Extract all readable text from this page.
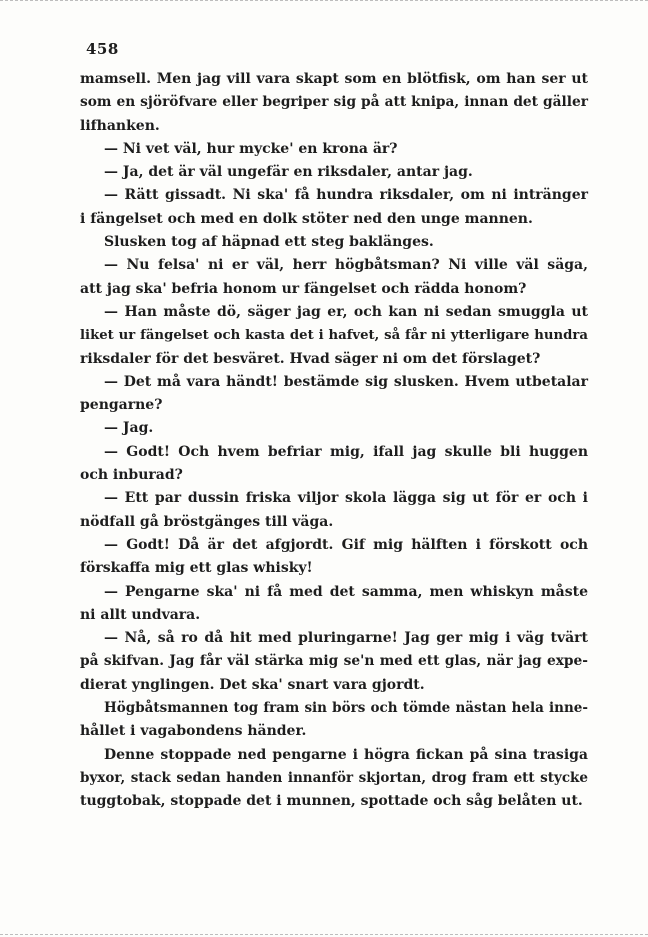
458
mamsell. Men jag vill vara skapt som en blötfisk, om han ser ut
som en sjöröfvare eller begriper sig på att knipa, innan det gäller
lifhanken.
— Ni vet väl, hur mycke' en krona är?
— Ja, det är väl ungefär en riksdaler, antar jag.
— Rätt gissadt. Ni ska' få hundra riksdaler, om ni intränger
i fängelset och med en dolk stöter ned den unge mannen.
Slusken tog af häpnad ett steg baklänges.
— Nu felsa' ni er väl, herr högbåtsman? Ni ville väl säga,
att jag ska' befria honom ur fängelset och rädda honom?
— Han måste dö, säger jag er, och kan ni sedan smuggla ut
liket ur fängelset och kasta det i hafvet, så får ni ytterligare hundra
riksdaler för det besväret. Hvad säger ni om det förslaget?
— Det må vara händt! bestämde sig slusken. Hvem utbetalar
pengarne?
— Jag.
— Godt! Och hvem befriar mig, ifall jag skulle bli huggen
och inburad?
— Ett par dussin friska viljor skola lägga sig ut för er och i
nödfall gå bröstgänges till väga.
— Godt! Då är det afgjordt. Gif mig hälften i förskott och
förskaffa mig ett glas whisky!
— Pengarne ska' ni få med det samma, men whiskyn måste
ni allt undvara.
— Nå, så ro då hit med pluringarne! Jag ger mig i väg tvärt
på skifvan. Jag får väl stärka mig se'n med ett glas, när jag expe-
dierat ynglingen. Det ska' snart vara gjordt.
Högbåtsmannen tog fram sin börs och tömde nästan hela inne-
hållet i vagabondens händer.
Denne stoppade ned pengarne i högra fickan på sina trasiga
byxor, stack sedan handen innanför skjortan, drog fram ett stycke
tuggtobak, stoppade det i munnen, spottade och såg belåten ut.
